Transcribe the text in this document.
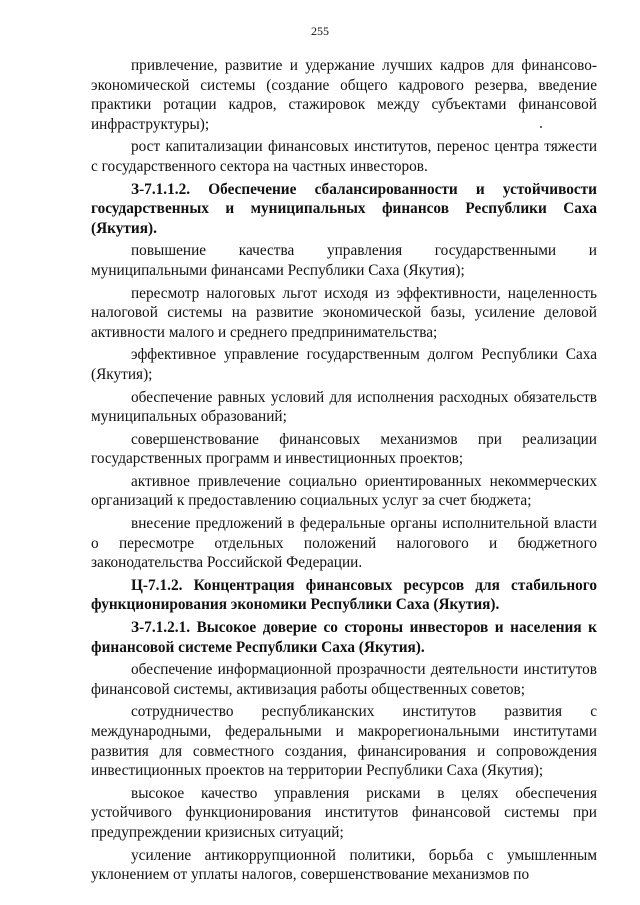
255

привлечение, развитие и удержание лучших кадров для финансово-экономической системы (создание общего кадрового резерва, введение практики ротации кадров, стажировок между субъектами финансовой инфраструктуры);

рост капитализации финансовых институтов, перенос центра тяжести с государственного сектора на частных инвесторов.

З-7.1.1.2. Обеспечение сбалансированности и устойчивости государственных и муниципальных финансов Республики Саха (Якутия).

повышение качества управления государственными и муниципальными финансами Республики Саха (Якутия);

пересмотр налоговых льгот исходя из эффективности, нацеленность налоговой системы на развитие экономической базы, усиление деловой активности малого и среднего предпринимательства;

эффективное управление государственным долгом Республики Саха (Якутия);

обеспечение равных условий для исполнения расходных обязательств муниципальных образований;

совершенствование финансовых механизмов при реализации государственных программ и инвестиционных проектов;

активное привлечение социально ориентированных некоммерческих организаций к предоставлению социальных услуг за счет бюджета;

внесение предложений в федеральные органы исполнительной власти о пересмотре отдельных положений налогового и бюджетного законодательства Российской Федерации.

Ц-7.1.2. Концентрация финансовых ресурсов для стабильного функционирования экономики Республики Саха (Якутия).

З-7.1.2.1. Высокое доверие со стороны инвесторов и населения к финансовой системе Республики Саха (Якутия).

обеспечение информационной прозрачности деятельности институтов финансовой системы, активизация работы общественных советов;

сотрудничество республиканских институтов развития с международными, федеральными и макрорегиональными институтами развития для совместного создания, финансирования и сопровождения инвестиционных проектов на территории Республики Саха (Якутия);

высокое качество управления рисками в целях обеспечения устойчивого функционирования институтов финансовой системы при предупреждении кризисных ситуаций;

усиление антикоррупционной политики, борьба с умышленным уклонением от уплаты налогов, совершенствование механизмов по
